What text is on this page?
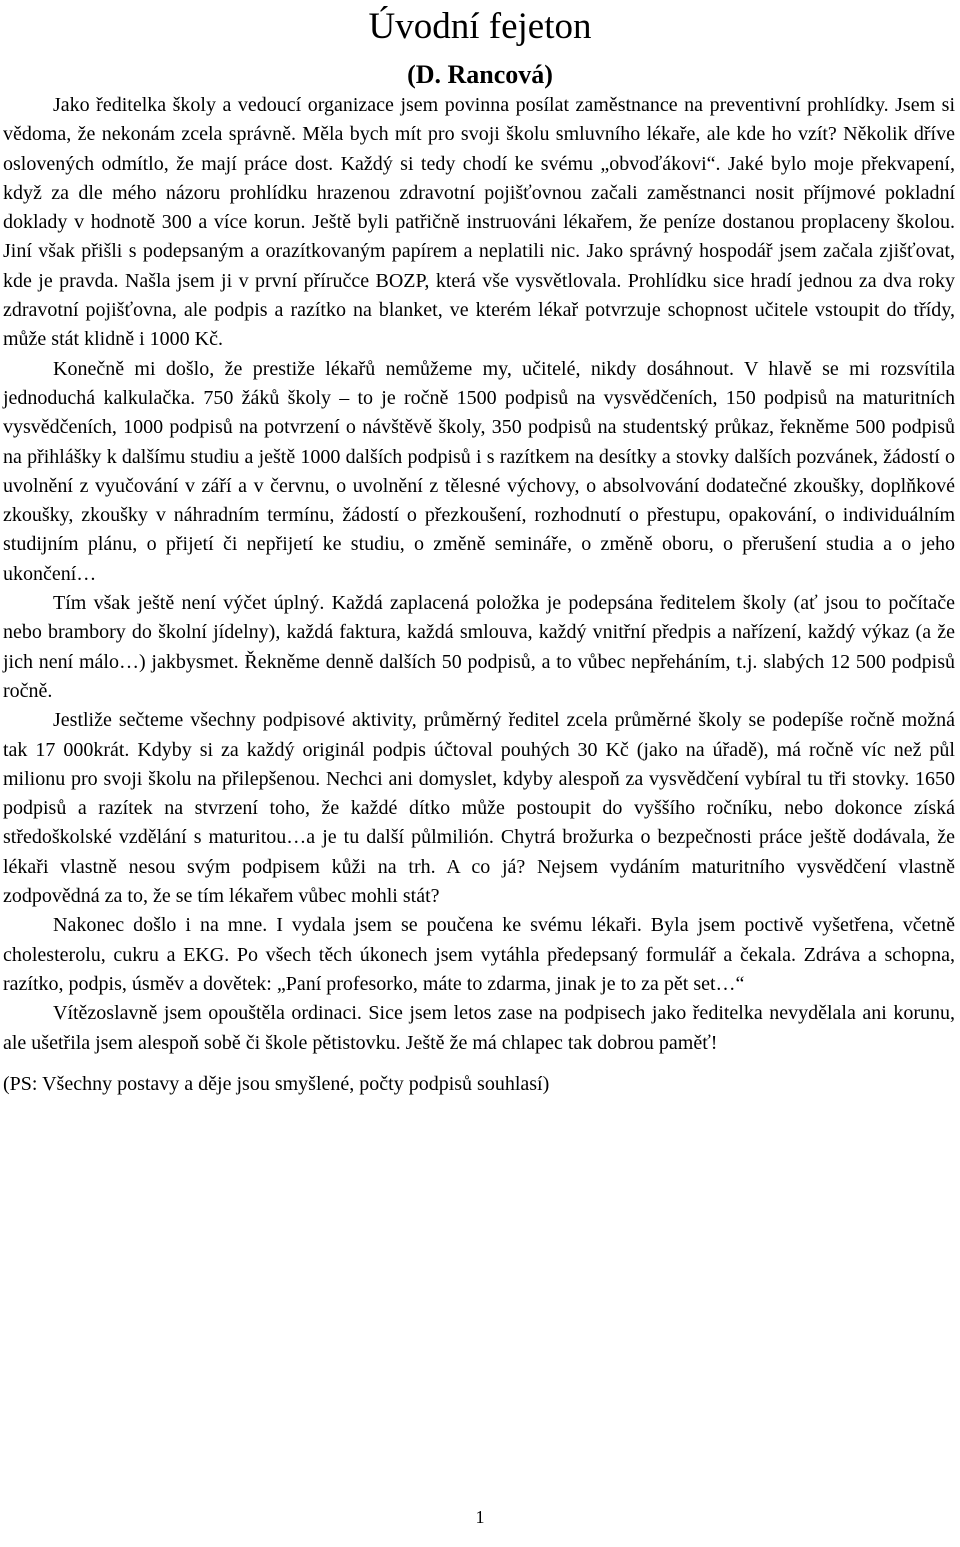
Úvodní fejeton
(D. Rancová)

Jako ředitelka školy a vedoucí organizace jsem povinna posílat zaměstnance na preventivní prohlídky. Jsem si vědoma, že nekonám zcela správně. Měla bych mít pro svoji školu smluvního lékaře, ale kde ho vzít? Několik dříve oslovených odmítlo, že mají práce dost. Každý si tedy chodí ke svému „obvoďákovi“. Jaké bylo moje překvapení, když za dle mého názoru prohlídku hrazenou zdravotní pojišťovnou začali zaměstnanci nosit příjmové pokladní doklady v hodnotě 300 a více korun. Ještě byli patřičně instruováni lékařem, že peníze dostanou proplaceny školou. Jiní však přišli s podepsaným a orazítkovaným papírem a neplatili nic. Jako správný hospodář jsem začala zjišťovat, kde je pravda. Našla jsem ji v první příručce BOZP, která vše vysvětlovala. Prohlídku sice hradí jednou za dva roky zdravotní pojišťovna, ale podpis a razítko na blanket, ve kterém lékař potvrzuje schopnost učitele vstoupit do třídy, může stát klidně i 1000 Kč.

Konečně mi došlo, že prestiže lékařů nemůžeme my, učitelé, nikdy dosáhnout. V hlavě se mi rozsvítila jednoduchá kalkulačka. 750 žáků školy – to je ročně 1500 podpisů na vysvědčeních, 150 podpisů na maturitních vysvědčeních, 1000 podpisů na potvrzení o návštěvě školy, 350 podpisů na studentský průkaz, řekněme 500 podpisů na přihlášky k dalšímu studiu a ještě 1000 dalších podpisů i s razítkem na desítky a stovky dalších pozvánek, žádostí o uvolnění z vyučování v září a v červnu, o uvolnění z tělesné výchovy, o absolvování dodatečné zkoušky, doplňkové zkoušky, zkoušky v náhradním termínu, žádostí o přezkoušení, rozhodnutí o přestupu, opakování, o individuálním studijním plánu, o přijetí či nepřijetí ke studiu, o změně semináře, o změně oboru, o přerušení studia a o jeho ukončení…

Tím však ještě není výčet úplný. Každá zaplacená položka je podepsána ředitelem školy (ať jsou to počítače nebo brambory do školní jídelny), každá faktura, každá smlouva, každý vnitřní předpis a nařízení, každý výkaz (a že jich není málo…) jakbysmet. Řekněme denně dalších 50 podpisů, a to vůbec nepřeháním, t.j. slabých 12 500 podpisů ročně.

Jestliže sečteme všechny podpisové aktivity, průměrný ředitel zcela průměrné školy se podepíše ročně možná tak 17 000krát. Kdyby si za každý originál podpis účtoval pouhých 30 Kč (jako na úřadě), má ročně víc než půl milionu pro svoji školu na přilepšenou. Nechci ani domyslet, kdyby alespoň za vysvědčení vybíral tu tři stovky. 1650 podpisů a razítek na stvrzení toho, že každé dítko může postoupit do vyššího ročníku, nebo dokonce získá středoškolské vzdělání s maturitou…a je tu další půlmilión. Chytrá brožurka o bezpečnosti práce ještě dodávala, že lékaři vlastně nesou svým podpisem kůži na trh. A co já? Nejsem vydáním maturitního vysvědčení vlastně zodpovědná za to, že se tím lékařem vůbec mohli stát?

Nakonec došlo i na mne. I vydala jsem se poučena ke svému lékaři. Byla jsem poctivě vyšetřena, včetně cholesterolu, cukru a EKG. Po všech těch úkonech jsem vytáhla předepsaný formulář a čekala. Zdráva a schopna, razítko, podpis, úsměv a dovětek: „Paní profesorko, máte to zdarma, jinak je to za pět set…“

Vítězoslavně jsem opouštěla ordinaci. Sice jsem letos zase na podpisech jako ředitelka nevydělala ani korunu, ale ušetřila jsem alespoň sobě či škole pětistovku. Ještě že má chlapec tak dobrou paměť!

(PS: Všechny postavy a děje jsou smyšlené, počty podpisů souhlasí)

1
